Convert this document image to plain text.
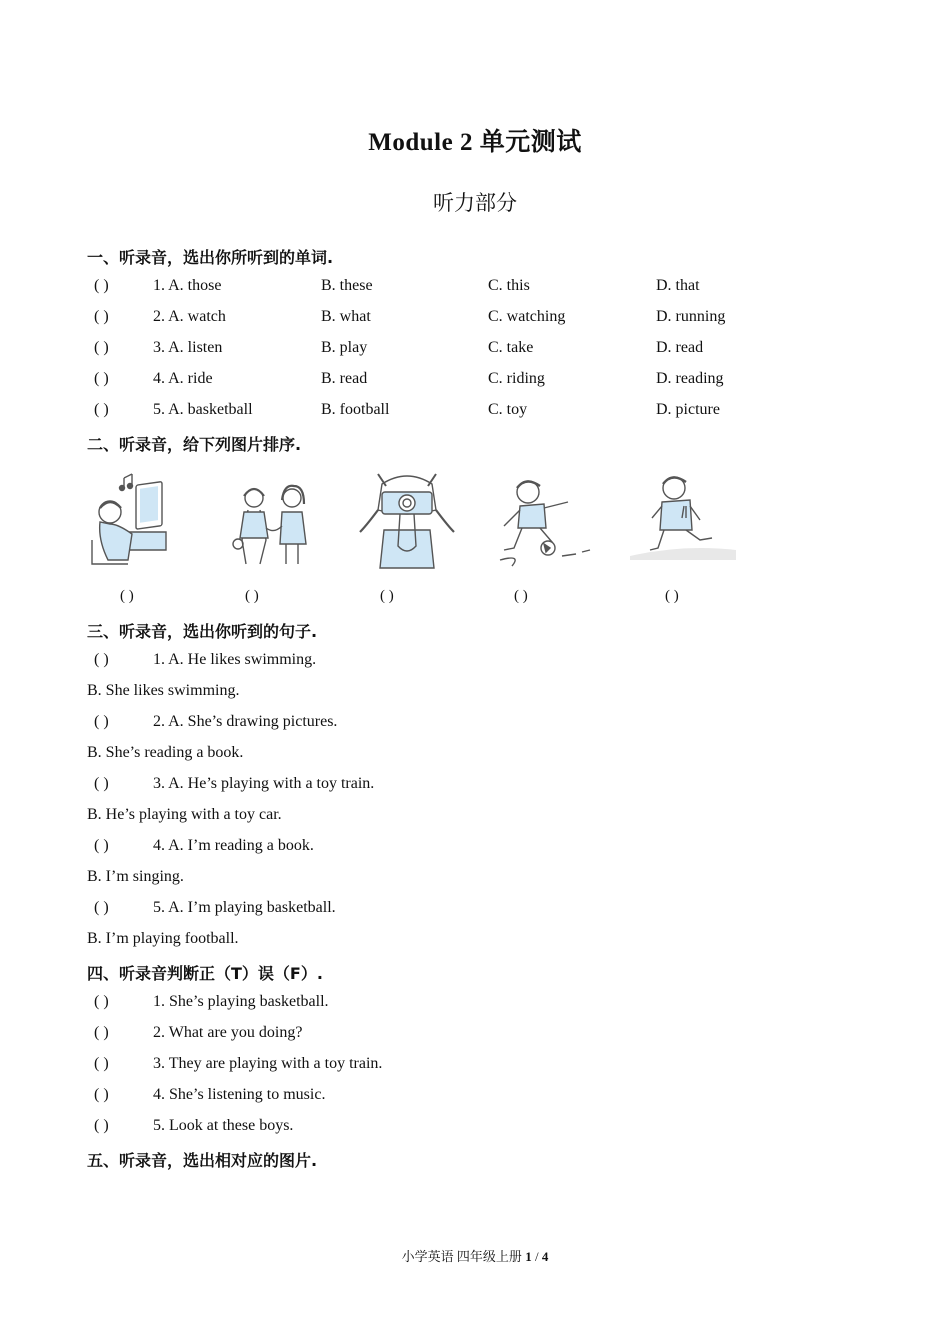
Module 2 单元测试
听力部分
一、听录音，选出你所听到的单词.
( )	1. A. those	B. these	C. this	D. that
( )	2. A. watch	B. what	C. watching	D. running
( )	3. A. listen	B. play	C. take	D. read
( )	4. A. ride	B. read	C. riding	D. reading
( )	5. A. basketball	B. football	C. toy	D. picture
二、听录音，给下列图片排序.
( )	( )	( )	( )	( )
三、听录音，选出你听到的句子.
( )	1. A. He likes swimming.
B. She likes swimming.
( )	2. A. She’s drawing pictures.
B. She’s reading a book.
( )	3. A. He’s playing with a toy train.
B. He’s playing with a toy car.
( )	4. A. I’m reading a book.
B. I’m singing.
( )	5. A. I’m playing basketball.
B. I’m playing football.
四、听录音判断正（T）误（F）.
( )	1. She’s playing basketball.
( )	2. What are you doing?
( )	3. They are playing with a toy train.
( )	4. She’s listening to music.
( )	5. Look at these boys.
五、听录音，选出相对应的图片.
小学英语 四年级上册 1 / 4
